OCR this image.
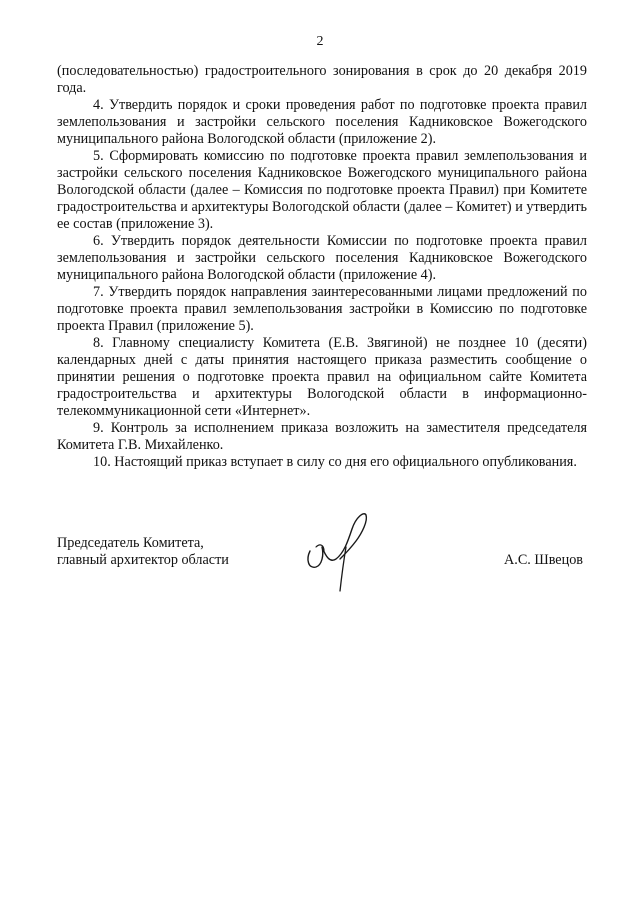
2

(последовательностью) градостроительного зонирования в срок до 20 декабря 2019 года.

4. Утвердить порядок и сроки проведения работ по подготовке проекта правил землепользования и застройки сельского поселения Кадниковское Вожегодского муниципального района Вологодской области (приложение 2).

5. Сформировать комиссию по подготовке проекта правил землепользования и застройки сельского поселения Кадниковское Вожегодского муниципального района Вологодской области (далее – Комиссия по подготовке проекта Правил) при Комитете градостроительства и архитектуры Вологодской области (далее – Комитет) и утвердить ее состав (приложение 3).

6. Утвердить порядок деятельности Комиссии по подготовке проекта правил землепользования и застройки сельского поселения Кадниковское Вожегодского муниципального района Вологодской области (приложение 4).

7. Утвердить порядок направления заинтересованными лицами предложений по подготовке проекта правил землепользования застройки в Комиссию по подготовке проекта Правил (приложение 5).

8. Главному специалисту Комитета (Е.В. Звягиной) не позднее 10 (десяти) календарных дней с даты принятия настоящего приказа разместить сообщение о принятии решения о подготовке проекта правил на официальном сайте Комитета градостроительства и архитектуры Вологодской области в информационно-телекоммуникационной сети «Интернет».

9. Контроль за исполнением приказа возложить на заместителя председателя Комитета Г.В. Михайленко.

10. Настоящий приказ вступает в силу со дня его официального опубликования.

Председатель Комитета,
главный архитектор области	А.С. Швецов
